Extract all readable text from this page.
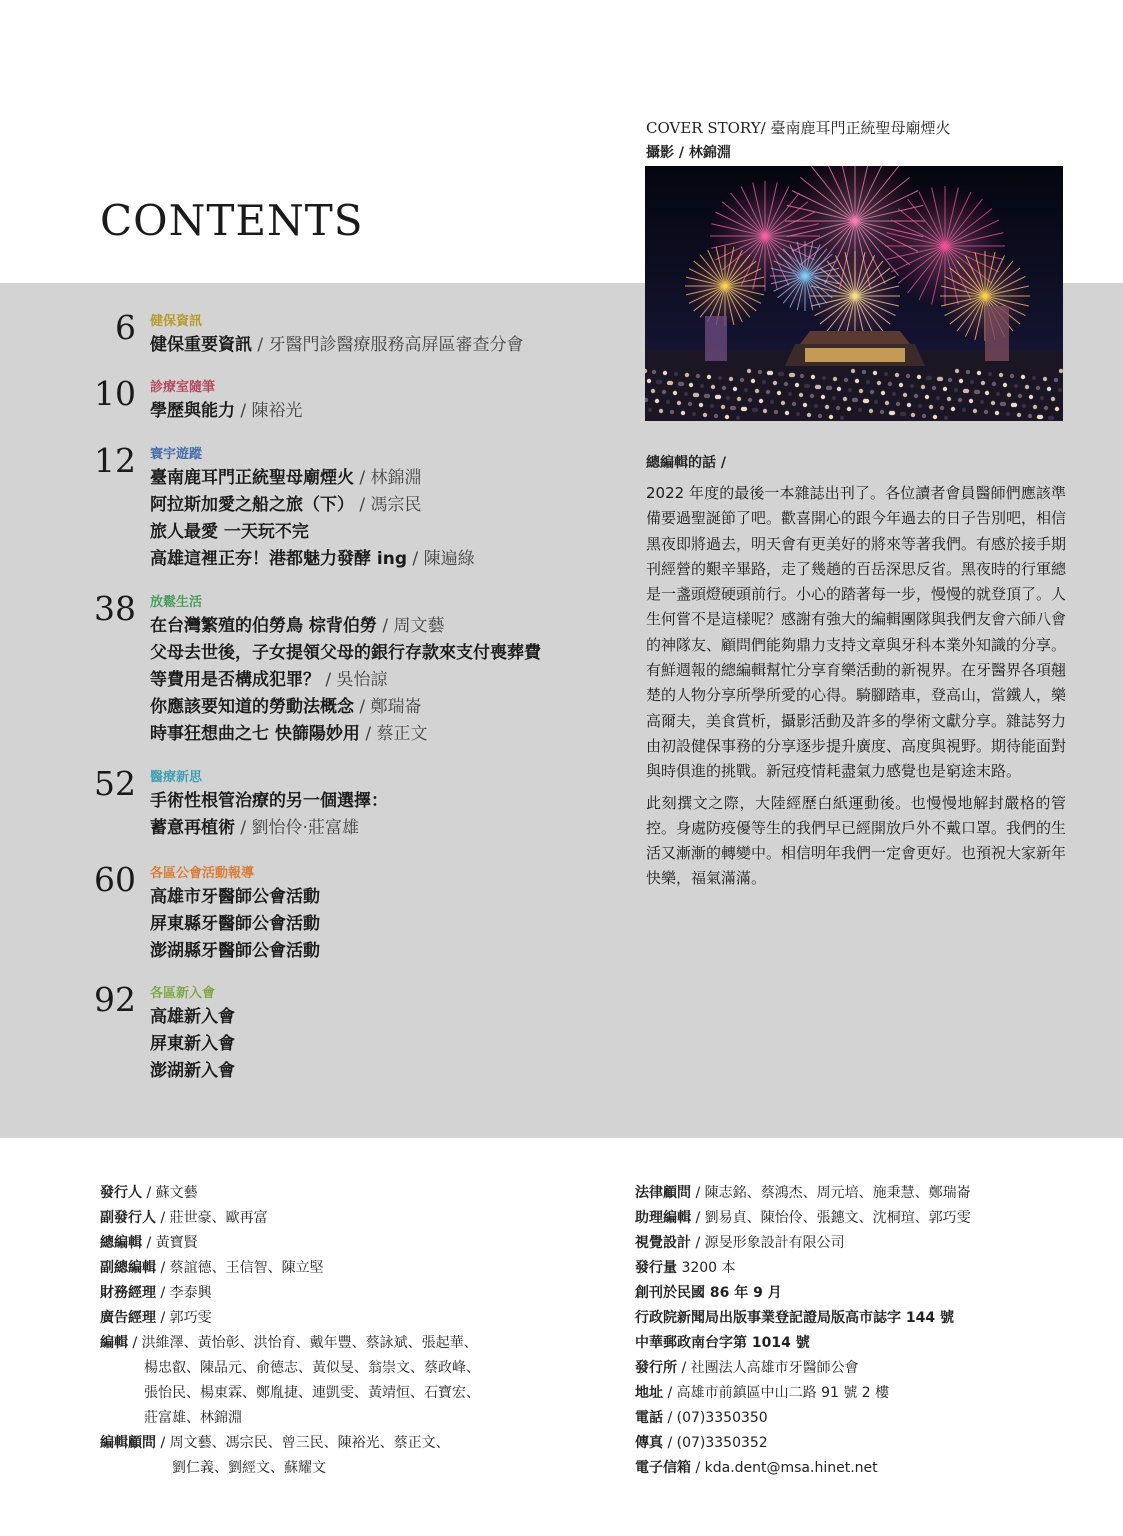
CONTENTS
COVER STORY/ 臺南鹿耳門正統聖母廟煙火
攝影 / 林錦淵
6 健保資訊
健保重要資訊 / 牙醫門診醫療服務高屏區審查分會
10 診療室隨筆
學歷與能力 / 陳裕光
12 寰宇遊蹤
臺南鹿耳門正統聖母廟煙火 / 林錦淵
阿拉斯加愛之船之旅（下） / 馮宗民
旅人最愛 一天玩不完
高雄這裡正夯！港都魅力發酵 ing / 陳遍綠
38 放鬆生活
在台灣繁殖的伯勞鳥 棕背伯勞 / 周文藝
父母去世後，子女提領父母的銀行存款來支付喪葬費
等費用是否構成犯罪？ / 吳怡諒
你應該要知道的勞動法概念 / 鄭瑞崙
時事狂想曲之七 快篩陽妙用 / 蔡正文
52 醫療新思
手術性根管治療的另一個選擇：
蓄意再植術 / 劉怡伶‧莊富雄
60 各區公會活動報導
高雄市牙醫師公會活動
屏東縣牙醫師公會活動
澎湖縣牙醫師公會活動
92 各區新入會
高雄新入會
屏東新入會
澎湖新入會
總編輯的話 /

2022 年度的最後一本雜誌出刊了。各位讀者會員醫師們應該準備要過聖誕節了吧。歡喜開心的跟今年過去的日子告別吧，相信黑夜即將過去，明天會有更美好的將來等著我們。有感於接手期刊經營的艱辛畢路，走了幾趟的百岳深思反省。黑夜時的行軍總是一盞頭燈硬頭前行。小心的踏著每一步，慢慢的就登頂了。人生何嘗不是這樣呢？感謝有強大的編輯團隊與我們友會六師八會的神隊友、顧問們能夠鼎力支持文章與牙科本業外知識的分享。有鮮週報的總編輯幫忙分享育樂活動的新視界。在牙醫界各項翹楚的人物分享所學所愛的心得。騎腳踏車，登高山，當鐵人，樂高爾夫，美食賞析，攝影活動及許多的學術文獻分享。雜誌努力由初設健保事務的分享逐步提升廣度、高度與視野。期待能面對與時俱進的挑戰。新冠疫情耗盡氣力感覺也是窮途末路。

此刻撰文之際，大陸經歷白紙運動後。也慢慢地解封嚴格的管控。身處防疫優等生的我們早已經開放戶外不戴口罩。我們的生活又漸漸的轉變中。相信明年我們一定會更好。也預祝大家新年快樂，福氣滿滿。

發行人 / 蘇文藝
副發行人 / 莊世豪、歐再富
總編輯 / 黃寶賢
副總編輯 / 蔡誼德、王信智、陳立堅
財務經理 / 李泰興
廣告經理 / 郭巧雯
編輯 / 洪維澤、黃怡彰、洪怡育、戴年豐、蔡詠斌、張起華、
楊忠叡、陳品元、俞德志、黃似旻、翁崇文、蔡政峰、
張怡民、楊東霖、鄭胤捷、連凱雯、黃靖恒、石寶宏、
莊富雄、林錦淵
編輯顧問 / 周文藝、馮宗民、曾三民、陳裕光、蔡正文、
劉仁義、劉經文、蘇耀文
法律顧問 / 陳志銘、蔡鴻杰、周元培、施秉慧、鄭瑞崙
助理編輯 / 劉易貞、陳怡伶、張鏸文、沈桐瑄、郭巧雯
視覺設計 / 源旻形象設計有限公司
發行量 3200 本
創刊於民國 86 年 9 月
行政院新聞局出版事業登記證局版高市誌字 144 號
中華郵政南台字第 1014 號
發行所 / 社團法人高雄市牙醫師公會
地址 / 高雄市前鎮區中山二路 91 號 2 樓
電話 / (07)3350350
傳真 / (07)3350352
電子信箱 / kda.dent@msa.hinet.net
